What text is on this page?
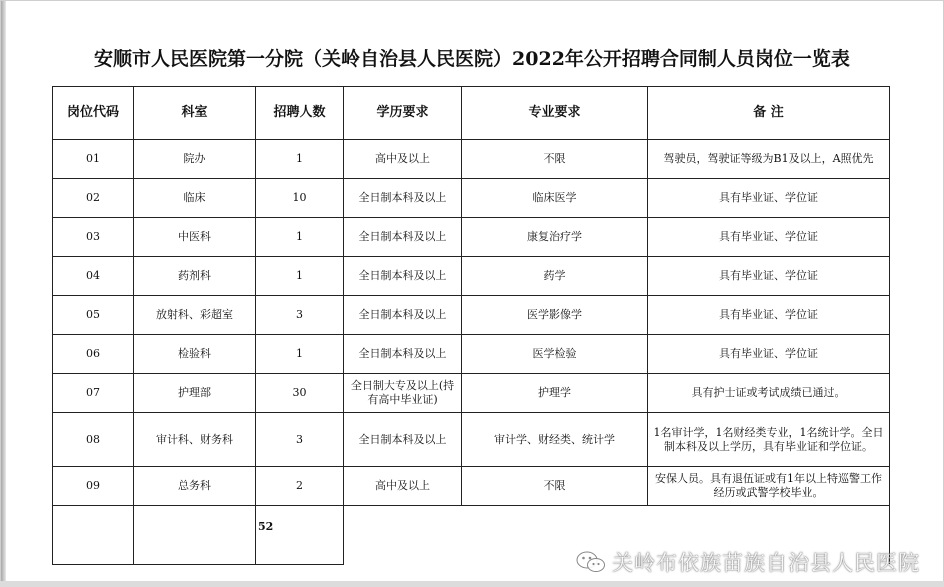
安顺市人民医院第一分院（关岭自治县人民医院）2022年公开招聘合同制人员岗位一览表
岗位代码	科室	招聘人数	学历要求	专业要求	备 注
01	院办	1	高中及以上	不限	驾驶员，驾驶证等级为B1及以上，A照优先
02	临床	10	全日制本科及以上	临床医学	具有毕业证、学位证
03	中医科	1	全日制本科及以上	康复治疗学	具有毕业证、学位证
04	药剂科	1	全日制本科及以上	药学	具有毕业证、学位证
05	放射科、彩超室	3	全日制本科及以上	医学影像学	具有毕业证、学位证
06	检验科	1	全日制本科及以上	医学检验	具有毕业证、学位证
07	护理部	30	全日制大专及以上(持有高中毕业证)	护理学	具有护士证或考试成绩已通过。
08	审计科、财务科	3	全日制本科及以上	审计学、财经类、统计学	1名审计学，1名财经类专业，1名统计学。全日制本科及以上学历，具有毕业证和学位证。
09	总务科	2	高中及以上	不限	安保人员。具有退伍证或有1年以上特巡警工作经历或武警学校毕业。
		52			
关岭布依族苗族自治县人民医院
